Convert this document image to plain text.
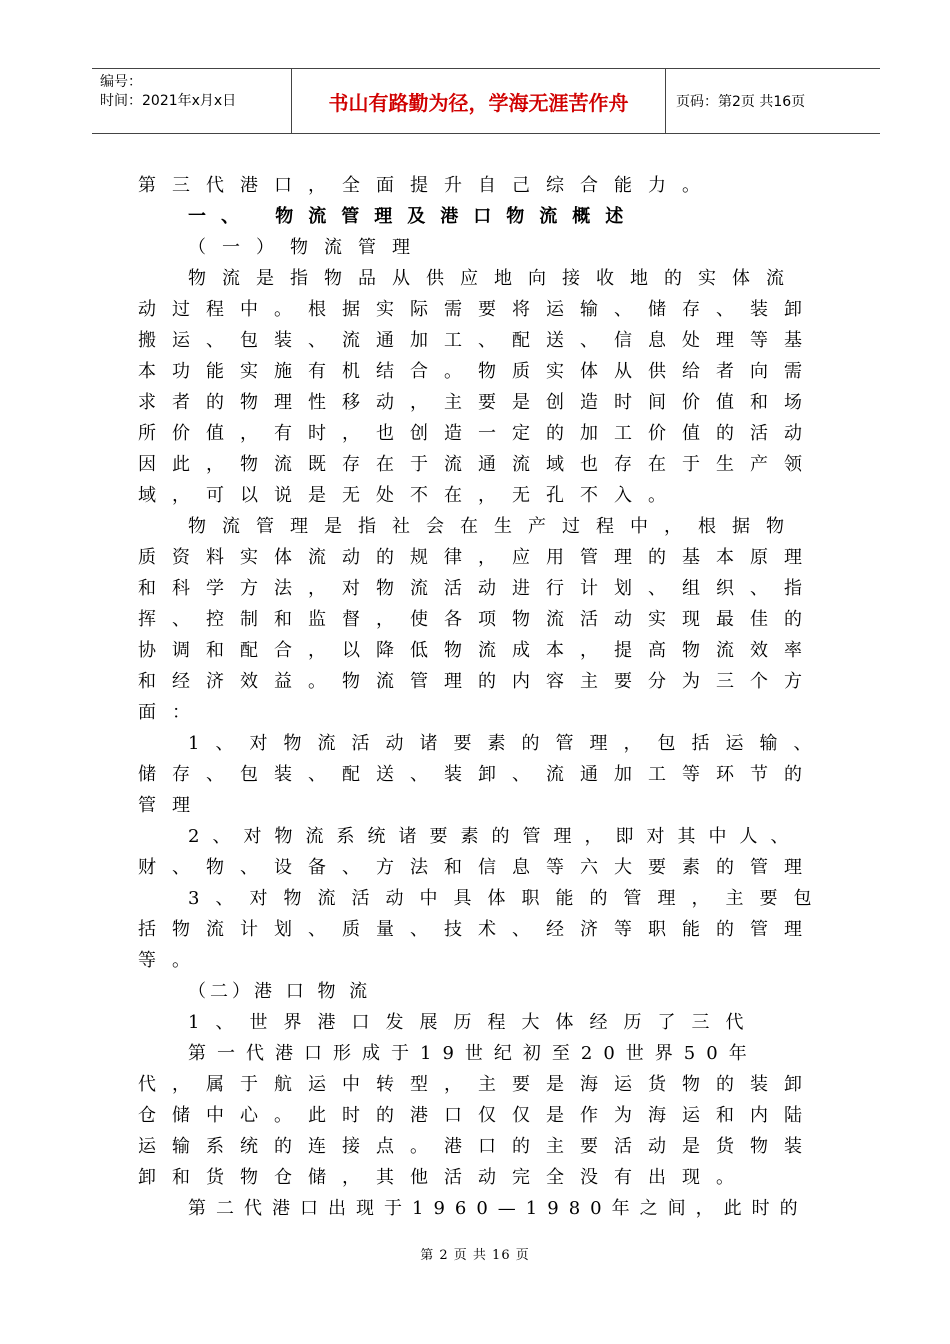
编号：
时间：2021年x月x日	书山有路勤为径，学海无涯苦作舟	页码：第2页 共16页
第三代港口，全面提升自己综合能力。
一、 物流管理及港口物流概述
（一）物流管理
物流是指物品从供应地向接收地的实体流
动过程中。根据实际需要将运输、储存、装卸
搬运、包装、流通加工、配送、信息处理等基
本功能实施有机结合。物质实体从供给者向需
求者的物理性移动，主要是创造时间价值和场
所价值，有时，也创造一定的加工价值的活动
因此，物流既存在于流通流域也存在于生产领
域，可以说是无处不在，无孔不入。
物流管理是指社会在生产过程中，根据物
质资料实体流动的规律，应用管理的基本原理
和科学方法，对物流活动进行计划、组织、指
挥、控制和监督，使各项物流活动实现最佳的
协调和配合，以降低物流成本，提高物流效率
和经济效益。物流管理的内容主要分为三个方
面：
1、对物流活动诸要素的管理，包括运输、
储存、包装、配送、装卸、流通加工等环节的
管理
2、对物流系统诸要素的管理，即对其中人、
财、物、设备、方法和信息等六大要素的管理
3、对物流活动中具体职能的管理，主要包
括物流计划、质量、技术、经济等职能的管理
等。
（二）港 口 物 流
1、世界港口发展历程大体经历了三代
第一代港口形成于19世纪初至20世界50年
代，属于航运中转型，主要是海运货物的装卸
仓储中心。此时的港口仅仅是作为海运和内陆
运输系统的连接点。港口的主要活动是货物装
卸和货物仓储，其他活动完全没有出现。
第二代港口出现于1960—1980年之间，此时的
第 2 页 共 16 页
